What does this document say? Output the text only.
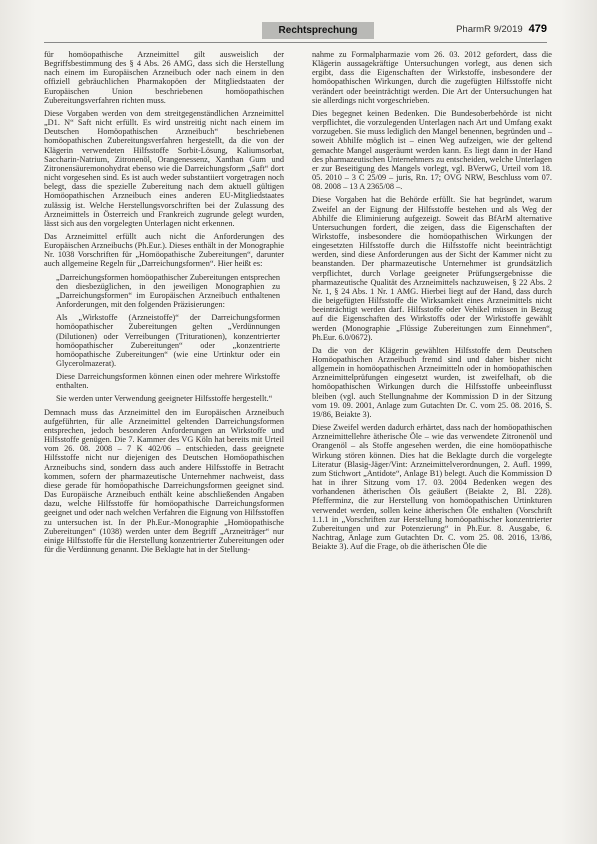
Rechtsprechung	PharmR 9/2019 479

für homöopathische Arzneimittel gilt ausweislich der Begriffsbestimmung des § 4 Abs. 26 AMG, dass sich die Herstellung nach einem im Europäischen Arzneibuch oder nach einem in den offiziell gebräuchlichen Pharmakopöen der Mitgliedstaaten der Europäischen Union beschriebenen homöopathischen Zubereitungsverfahren richten muss.

Diese Vorgaben werden von dem streitgegenständlichen Arzneimittel „D1. N“ Saft nicht erfüllt. Es wird unstreitig nicht nach einem im Deutschen Homöopathischen Arzneibuch“ beschriebenen homöopathischen Zubereitungsverfahren hergestellt, da die von der Klägerin verwendeten Hilfsstoffe Sorbit-Lösung, Kaliumsorbat, Saccharin-Natrium, Zitronenöl, Orangenessenz, Xanthan Gum und Zitronensäuremonohydrat ebenso wie die Darreichungsform „Saft“ dort nicht vorgesehen sind. Es ist auch weder substantiiert vorgetragen noch belegt, dass die spezielle Zubereitung nach dem aktuell gültigen Homöopathischen Arzneibuch eines anderen EU-Mitgliedstaates zulässig ist. Welche Herstellungsvorschriften bei der Zulassung des Arzneimittels in Österreich und Frankreich zugrunde gelegt wurden, lässt sich aus den vorgelegten Unterlagen nicht erkennen.

Das Arzneimittel erfüllt auch nicht die Anforderungen des Europäischen Arzneibuchs (Ph.Eur.). Dieses enthält in der Monographie Nr. 1038 Vorschriften für „Homöopathische Zubereitungen“, darunter auch allgemeine Regeln für „Darreichungsformen“. Hier heißt es:

„Darreichungsformen homöopathischer Zubereitungen entsprechen den diesbezüglichen, in den jeweiligen Monographien zu „Darreichungsformen“ im Europäischen Arzneibuch enthaltenen Anforderungen, mit den folgenden Präzisierungen:

Als „Wirkstoffe (Arzneistoffe)“ der Darreichungsformen homöopathischer Zubereitungen gelten „Verdünnungen (Dilutionen) oder Verreibungen (Triturationen), konzentrierter homöopathischer Zubereitungen“ oder „konzentrierte homöopathische Zubereitungen“ (wie eine Urtinktur oder ein Glycerolmazerat).

Diese Darreichungsformen können einen oder mehrere Wirkstoffe enthalten.

Sie werden unter Verwendung geeigneter Hilfsstoffe hergestellt.“

Demnach muss das Arzneimittel den im Europäischen Arzneibuch aufgeführten, für alle Arzneimittel geltenden Darreichungsformen entsprechen, jedoch besonderen Anforderungen an Wirkstoffe und Hilfsstoffe genügen. Die 7. Kammer des VG Köln hat bereits mit Urteil vom 26. 08. 2008 – 7 K 402/06 – entschieden, dass geeignete Hilfsstoffe nicht nur diejenigen des Deutschen Homöopathischen Arzneibuchs sind, sondern dass auch andere Hilfsstoffe in Betracht kommen, sofern der pharmazeutische Unternehmer nachweist, dass diese gerade für homöopathische Darreichungsformen geeignet sind. Das Europäische Arzneibuch enthält keine abschließenden Angaben dazu, welche Hilfsstoffe für homöopathische Darreichungsformen geeignet und oder nach welchen Verfahren die Eignung von Hilfsstoffen zu untersuchen ist. In der Ph.Eur.-Monographie „Homöopathische Zubereitungen“ (1038) werden unter dem Begriff „Arzneiträger“ nur einige Hilfsstoffe für die Herstellung konzentrierter Zubereitungen oder für die Verdünnung genannt. Die Beklagte hat in der Stellung-

nahme zu Formalpharmazie vom 26. 03. 2012 gefordert, dass die Klägerin aussagekräftige Untersuchungen vorlegt, aus denen sich ergibt, dass die Eigenschaften der Wirkstoffe, insbesondere der homöopathischen Wirkungen, durch die zugefügten Hilfsstoffe nicht verändert oder beeinträchtigt werden. Die Art der Untersuchungen hat sie allerdings nicht vorgeschrieben.

Dies begegnet keinen Bedenken. Die Bundesoberbehörde ist nicht verpflichtet, die vorzulegenden Unterlagen nach Art und Umfang exakt vorzugeben. Sie muss lediglich den Mangel benennen, begründen und – soweit Abhilfe möglich ist – einen Weg aufzeigen, wie der geltend gemachte Mangel ausgeräumt werden kann. Es liegt dann in der Hand des pharmazeutischen Unternehmers zu entscheiden, welche Unterlagen er zur Beseitigung des Mangels vorlegt, vgl. BVerwG, Urteil vom 18. 05. 2010 – 3 C 25/09 – juris, Rn. 17; OVG NRW, Beschluss vom 07. 08. 2008 – 13 A 2365/08 –.

Diese Vorgaben hat die Behörde erfüllt. Sie hat begründet, warum Zweifel an der Eignung der Hilfsstoffe bestehen und als Weg der Abhilfe die Eliminierung aufgezeigt. Soweit das BfArM alternative Untersuchungen fordert, die zeigen, dass die Eigenschaften der Wirkstoffe, insbesondere die homöopathischen Wirkungen der eingesetzten Hilfsstoffe durch die Hilfsstoffe nicht beeinträchtigt werden, sind diese Anforderungen aus der Sicht der Kammer nicht zu beanstanden. Der pharmazeutische Unternehmer ist grundsätzlich verpflichtet, durch Vorlage geeigneter Prüfungsergebnisse die pharmazeutische Qualität des Arzneimittels nachzuweisen, § 22 Abs. 2 Nr. 1, § 24 Abs. 1 Nr. 1 AMG. Hierbei liegt auf der Hand, dass durch die beigefügten Hilfsstoffe die Wirksamkeit eines Arzneimittels nicht beeinträchtigt werden darf. Hilfsstoffe oder Vehikel müssen in Bezug auf die Eigenschaften des Wirkstoffs oder der Wirkstoffe gewählt werden (Monographie „Flüssige Zubereitungen zum Einnehmen“, Ph.Eur. 6.0/0672).

Da die von der Klägerin gewählten Hilfsstoffe dem Deutschen Homöopathischen Arzneibuch fremd sind und daher bisher nicht allgemein in homöopathischen Arzneimitteln oder in homöopathischen Arzneimittelprüfungen eingesetzt wurden, ist zweifelhaft, ob die homöopathischen Wirkungen durch die Hilfsstoffe unbeeinflusst bleiben (vgl. auch Stellungnahme der Kommission D in der Sitzung vom 19. 09. 2001, Anlage zum Gutachten Dr. C. vom 25. 08. 2016, S. 19/86, Beiakte 3).

Diese Zweifel werden dadurch erhärtet, dass nach der homöopathischen Arzneimittellehre ätherische Öle – wie das verwendete Zitronenöl und Orangenöl – als Stoffe angesehen werden, die eine homöopathische Wirkung stören können. Dies hat die Beklagte durch die vorgelegte Literatur (Blasig-Jäger/Vint: Arzneimittelverordnungen, 2. Aufl. 1999, zum Stichwort „Antidote“, Anlage B1) belegt. Auch die Kommission D hat in ihrer Sitzung vom 17. 03. 2004 Bedenken wegen des vorhandenen ätherischen Öls geäußert (Beiakte 2, Bl. 228). Pfefferminz, die zur Herstellung von homöopathischen Urtinkturen verwendet werden, sollen keine ätherischen Öle enthalten (Vorschrift 1.1.1 in „Vorschriften zur Herstellung homöopathischer konzentrierter Zubereitungen und zur Potenzierung“ in Ph.Eur. 8. Ausgabe, 6. Nachtrag, Anlage zum Gutachten Dr. C. vom 25. 08. 2016, 13/86, Beiakte 3). Auf die Frage, ob die ätherischen Öle die
